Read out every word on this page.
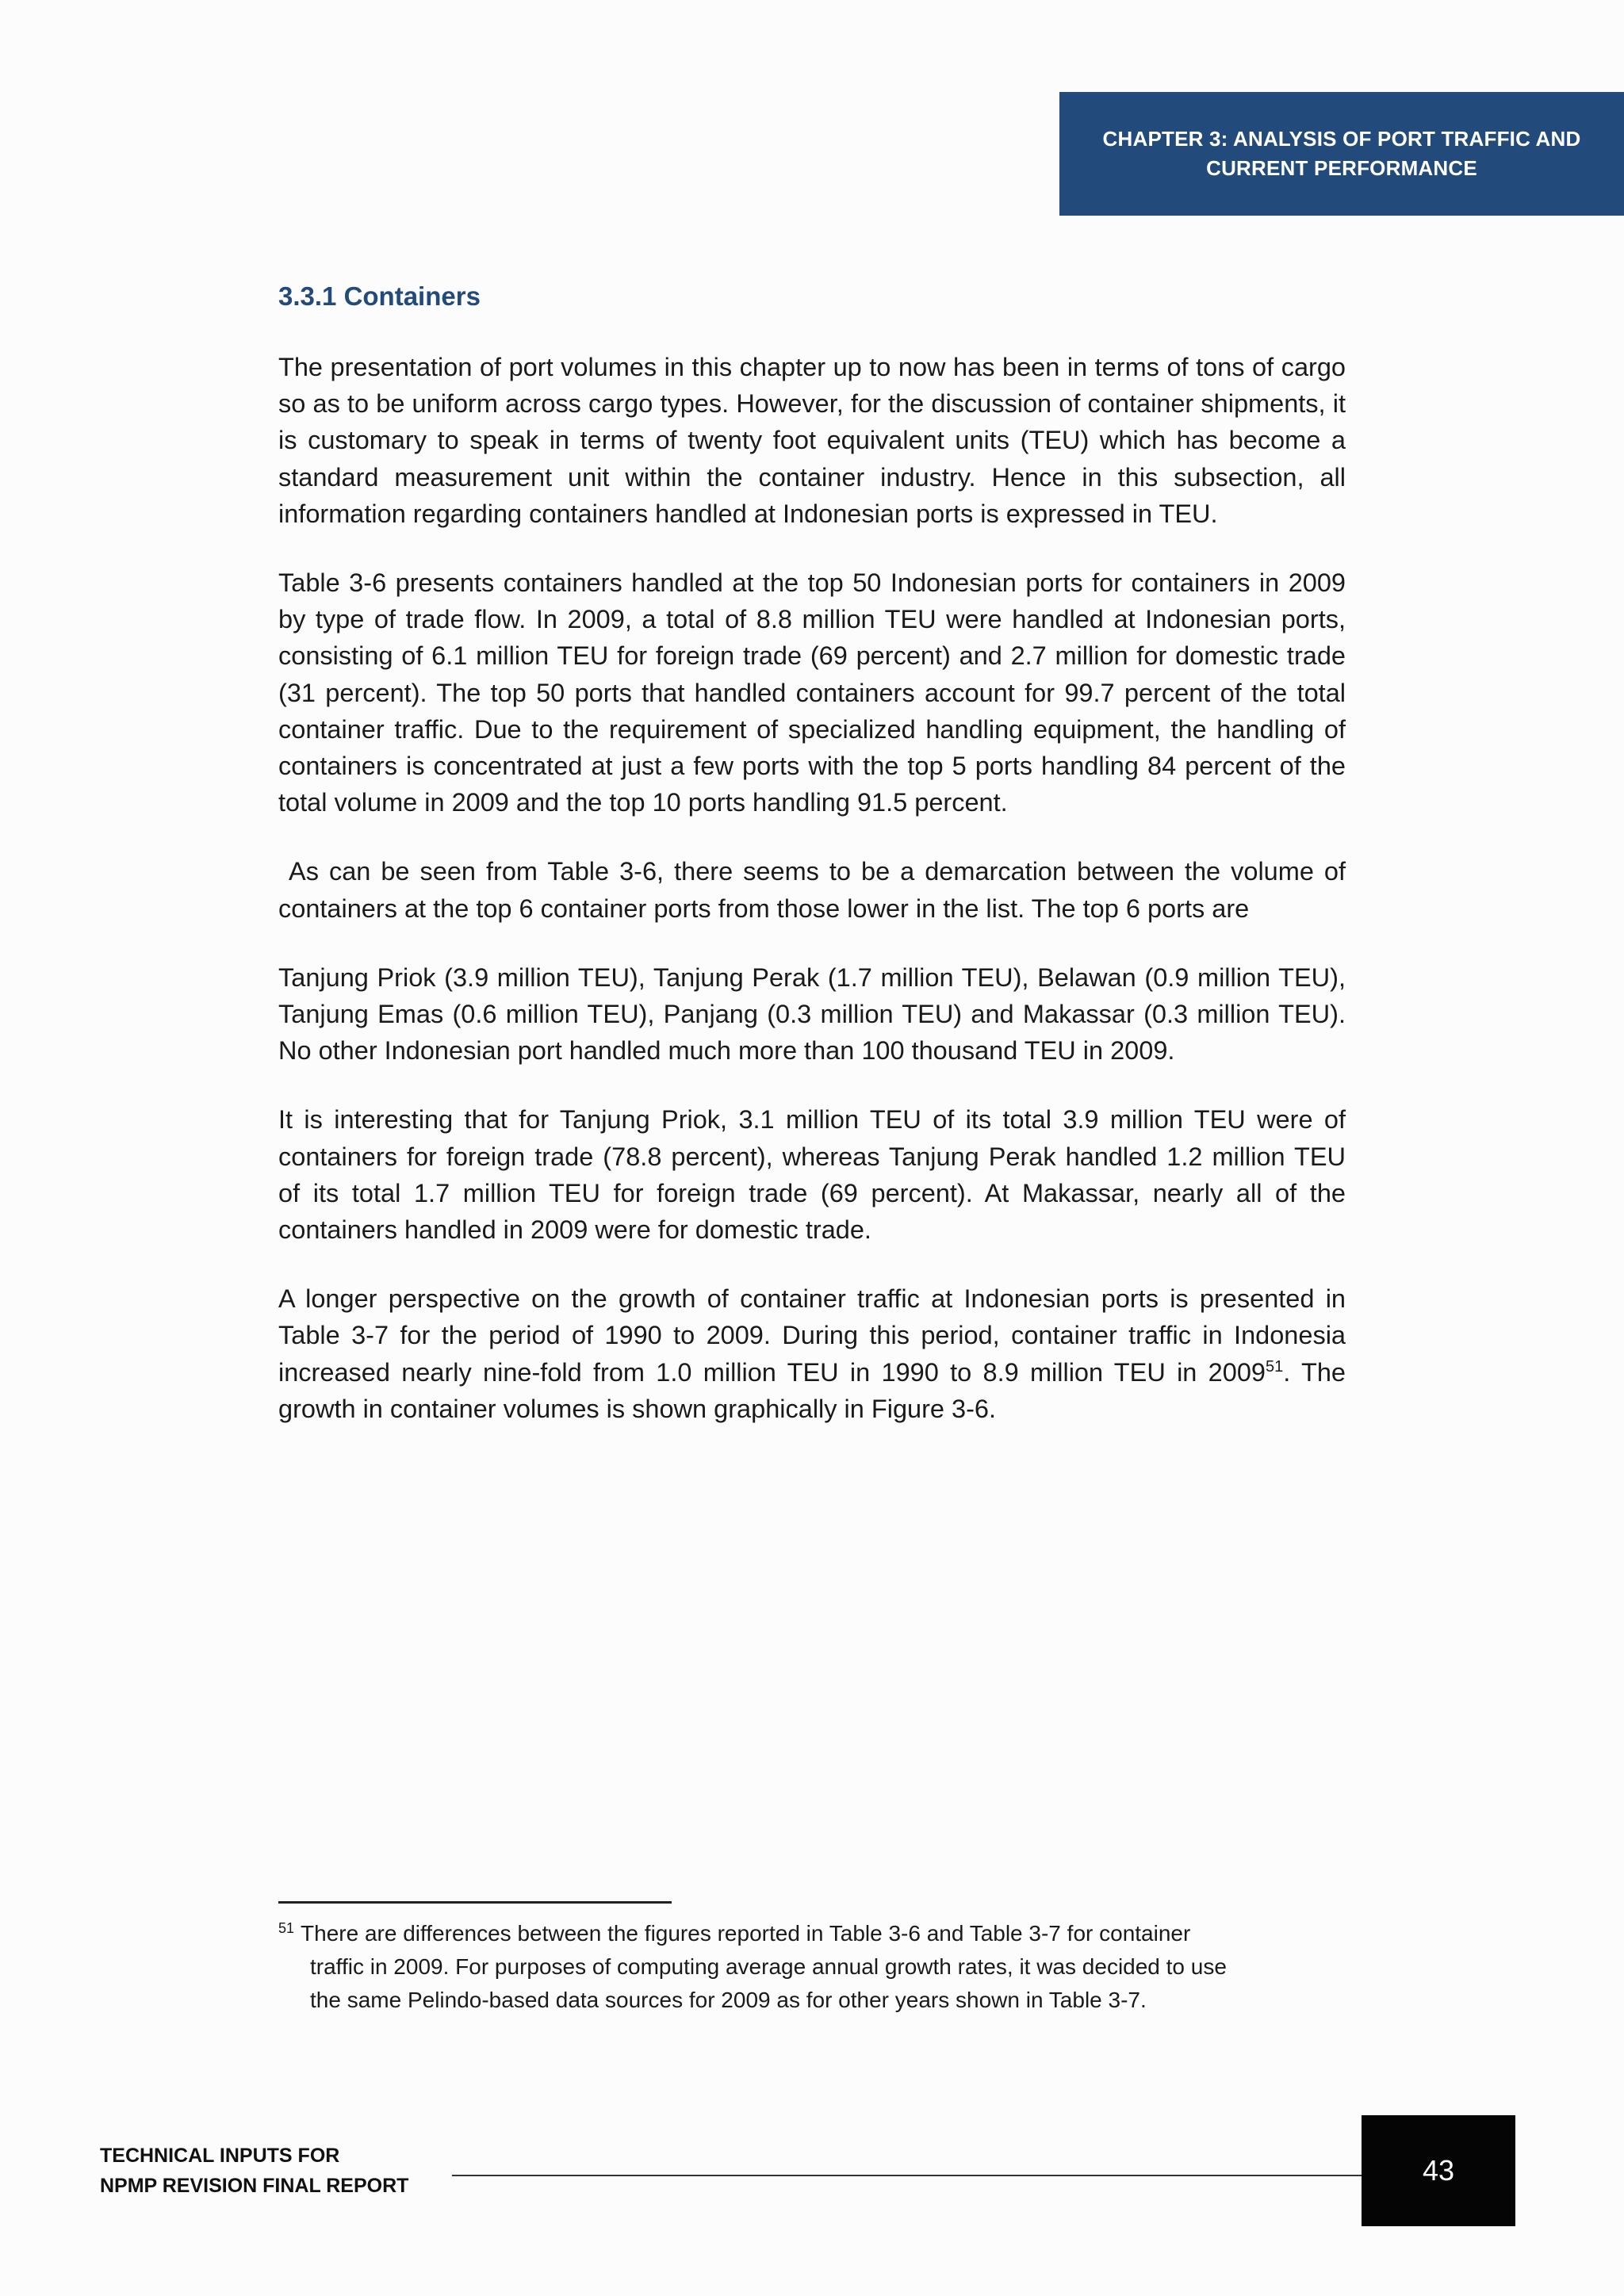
CHAPTER 3: ANALYSIS OF PORT TRAFFIC AND
CURRENT PERFORMANCE
3.3.1 Containers

The presentation of port volumes in this chapter up to now has been in terms of tons of cargo so as to be uniform across cargo types. However, for the discussion of container shipments, it is customary to speak in terms of twenty foot equivalent units (TEU) which has become a standard measurement unit within the container industry. Hence in this subsection, all information regarding containers handled at Indonesian ports is expressed in TEU.

Table 3-6 presents containers handled at the top 50 Indonesian ports for containers in 2009 by type of trade flow. In 2009, a total of 8.8 million TEU were handled at Indonesian ports, consisting of 6.1 million TEU for foreign trade (69 percent) and 2.7 million for domestic trade (31 percent). The top 50 ports that handled containers account for 99.7 percent of the total container traffic. Due to the requirement of specialized handling equipment, the handling of containers is concentrated at just a few ports with the top 5 ports handling 84 percent of the total volume in 2009 and the top 10 ports handling 91.5 percent.

As can be seen from Table 3-6, there seems to be a demarcation between the volume of containers at the top 6 container ports from those lower in the list. The top 6 ports are

Tanjung Priok (3.9 million TEU), Tanjung Perak (1.7 million TEU), Belawan (0.9 million TEU), Tanjung Emas (0.6 million TEU), Panjang (0.3 million TEU) and Makassar (0.3 million TEU). No other Indonesian port handled much more than 100 thousand TEU in 2009.

It is interesting that for Tanjung Priok, 3.1 million TEU of its total 3.9 million TEU were of containers for foreign trade (78.8 percent), whereas Tanjung Perak handled 1.2 million TEU of its total 1.7 million TEU for foreign trade (69 percent). At Makassar, nearly all of the containers handled in 2009 were for domestic trade.

A longer perspective on the growth of container traffic at Indonesian ports is presented in Table 3-7 for the period of 1990 to 2009. During this period, container traffic in Indonesia increased nearly nine-fold from 1.0 million TEU in 1990 to 8.9 million TEU in 2009$^{51}$. The growth in container volumes is shown graphically in Figure 3-6.

$^{51}$ There are differences between the figures reported in Table 3-6 and Table 3-7 for container
traffic in 2009. For purposes of computing average annual growth rates, it was decided to use
the same Pelindo-based data sources for 2009 as for other years shown in Table 3-7.
TECHNICAL INPUTS FOR
NPMP REVISION FINAL REPORT	43
